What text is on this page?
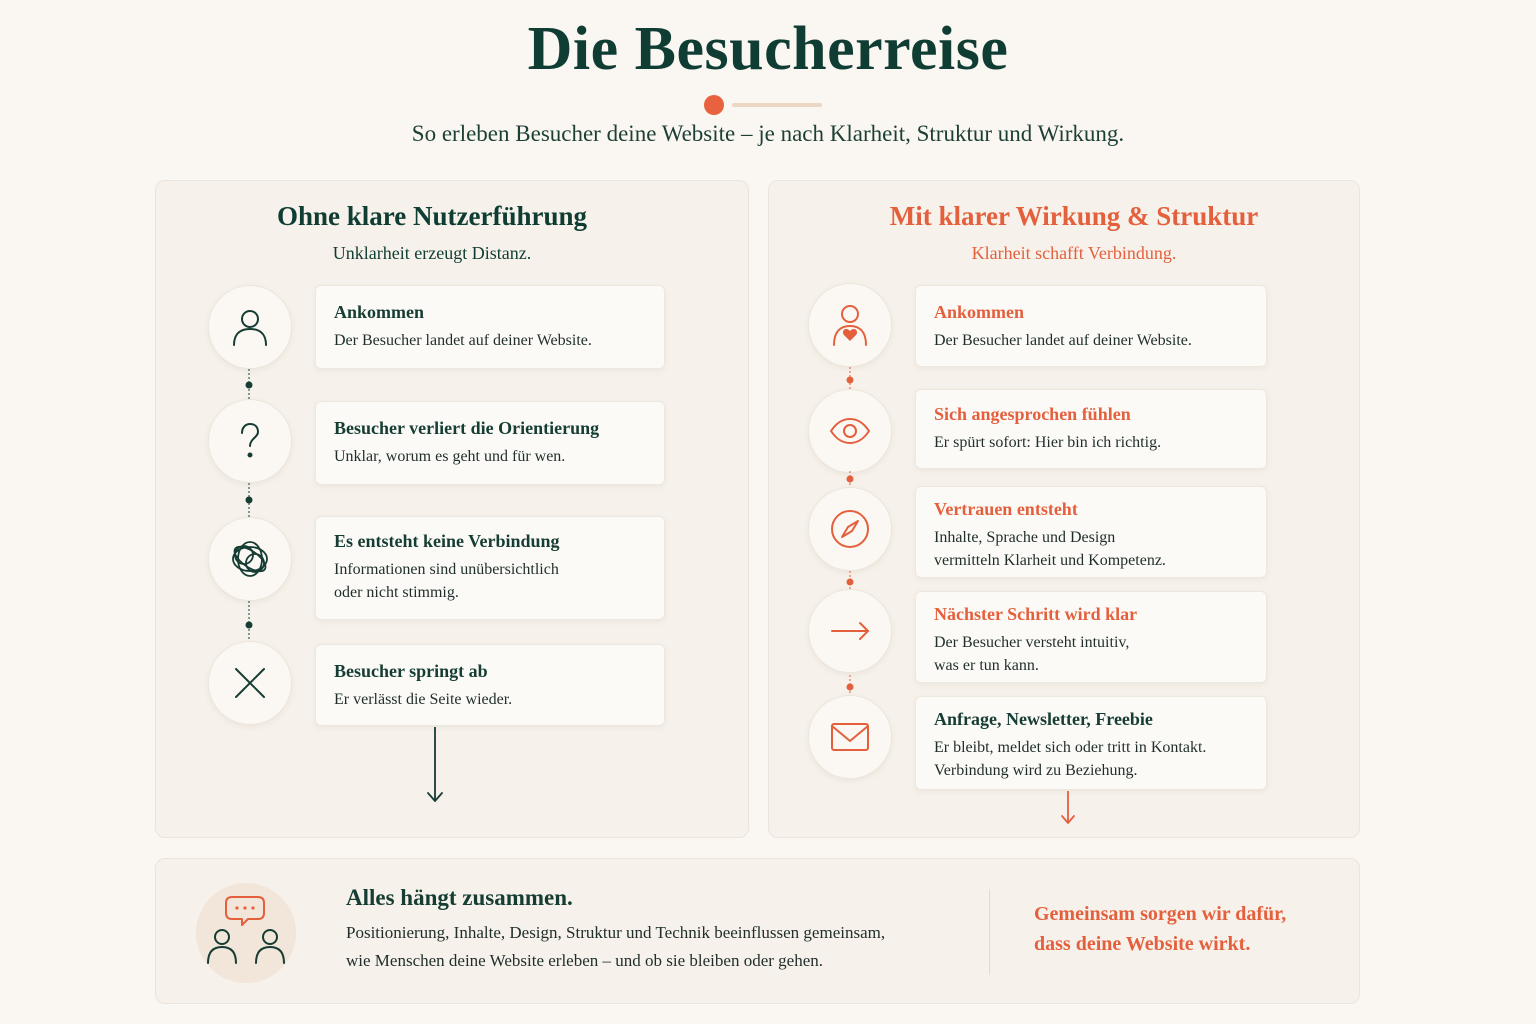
Die Besucherreise

So erleben Besucher deine Website – je nach Klarheit, Struktur und Wirkung.

Ohne klare Nutzerführung

Unklarheit erzeugt Distanz.

Ankommen
Der Besucher landet auf deiner Website.
Besucher verliert die Orientierung
Unklar, worum es geht und für wen.
Es entsteht keine Verbindung
Informationen sind unübersichtlich
oder nicht stimmig.
Besucher springt ab
Er verlässt die Seite wieder.
Mit klarer Wirkung & Struktur

Klarheit schafft Verbindung.

Ankommen
Der Besucher landet auf deiner Website.
Sich angesprochen fühlen
Er spürt sofort: Hier bin ich richtig.
Vertrauen entsteht
Inhalte, Sprache und Design
vermitteln Klarheit und Kompetenz.
Nächster Schritt wird klar
Der Besucher versteht intuitiv,
was er tun kann.
Anfrage, Newsletter, Freebie
Er bleibt, meldet sich oder tritt in Kontakt.
Verbindung wird zu Beziehung.
Alles hängt zusammen.

Positionierung, Inhalte, Design, Struktur und Technik beeinflussen gemeinsam,
wie Menschen deine Website erleben – und ob sie bleiben oder gehen.

Gemeinsam sorgen wir dafür,
dass deine Website wirkt.
